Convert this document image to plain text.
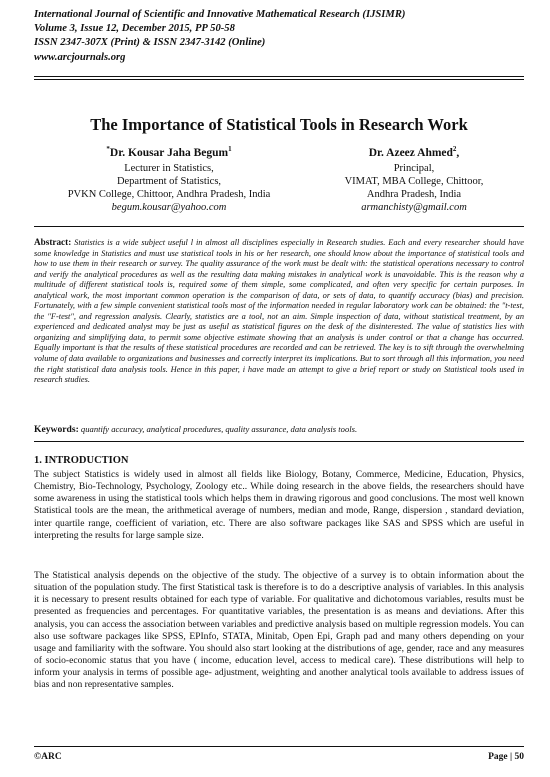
International Journal of Scientific and Innovative Mathematical Research (IJSIMR)
Volume 3, Issue 12, December 2015, PP 50-58
ISSN 2347-307X (Print) & ISSN 2347-3142 (Online)
www.arcjournals.org
The Importance of Statistical Tools in Research Work
*Dr. Kousar Jaha Begum$^1$
Lecturer in Statistics,
Department of Statistics,
PVKN College, Chittoor, Andhra Pradesh, India
begum.kousar@yahoo.com
Dr. Azeez Ahmed$^2$,
Principal,
VIMAT, MBA College, Chittoor,
Andhra Pradesh, India
armanchisty@gmail.com
Abstract: Statistics is a wide subject useful l in almost all disciplines especially in Research studies. Each and every researcher should have some knowledge in Statistics and must use statistical tools in his or her research, one should know about the importance of statistical tools and how to use them in their research or survey. The quality assurance of the work must be dealt with: the statistical operations necessary to control and verify the analytical procedures as well as the resulting data making mistakes in analytical work is unavoidable. This is the reason why a multitude of different statistical tools is, required some of them simple, some complicated, and often very specific for certain purposes. In analytical work, the most important common operation is the comparison of data, or sets of data, to quantify accuracy (bias) and precision. Fortunately, with a few simple convenient statistical tools most of the information needed in regular laboratory work can be obtained: the "t-test, the "F-test", and regression analysis. Clearly, statistics are a tool, not an aim. Simple inspection of data, without statistical treatment, by an experienced and dedicated analyst may be just as useful as statistical figures on the desk of the disinterested. The value of statistics lies with organizing and simplifying data, to permit some objective estimate showing that an analysis is under control or that a change has occurred. Equally important is that the results of these statistical procedures are recorded and can be retrieved. The key is to sift through the overwhelming volume of data available to organizations and businesses and correctly interpret its implications. But to sort through all this information, you need the right statistical data analysis tools. Hence in this paper, i have made an attempt to give a brief report or study on Statistical tools used in research studies.
Keywords: quantify accuracy, analytical procedures, quality assurance, data analysis tools.
1. INTRODUCTION
The subject Statistics is widely used in almost all fields like Biology, Botany, Commerce, Medicine, Education, Physics, Chemistry, Bio-Technology, Psychology, Zoology etc.. While doing research in the above fields, the researchers should have some awareness in using the statistical tools which helps them in drawing rigorous and good conclusions. The most well known Statistical tools are the mean, the arithmetical average of numbers, median and mode, Range, dispersion , standard deviation, inter quartile range, coefficient of variation, etc. There are also software packages like SAS and SPSS which are useful in interpreting the results for large sample size.
The Statistical analysis depends on the objective of the study. The objective of a survey is to obtain information about the situation of the population study. The first Statistical task is therefore is to do a descriptive analysis of variables. In this analysis it is necessary to present results obtained for each type of variable. For qualitative and dichotomous variables, results must be presented as frequencies and percentages. For quantitative variables, the presentation is as means and deviations. After this analysis, you can access the association between variables and predictive analysis based on multiple regression models. You can also use software packages like SPSS, EPInfo, STATA, Minitab, Open Epi, Graph pad and many others depending on your usage and familiarity with the software. You should also start looking at the distributions of age, gender, race and any measures of socio-economic status that you have ( income, education level, access to medical care). These distributions will help to inform your analysis in terms of possible age- adjustment, weighting and another analytical tools available to address issues of bias and non representative samples.
©ARC	Page | 50
